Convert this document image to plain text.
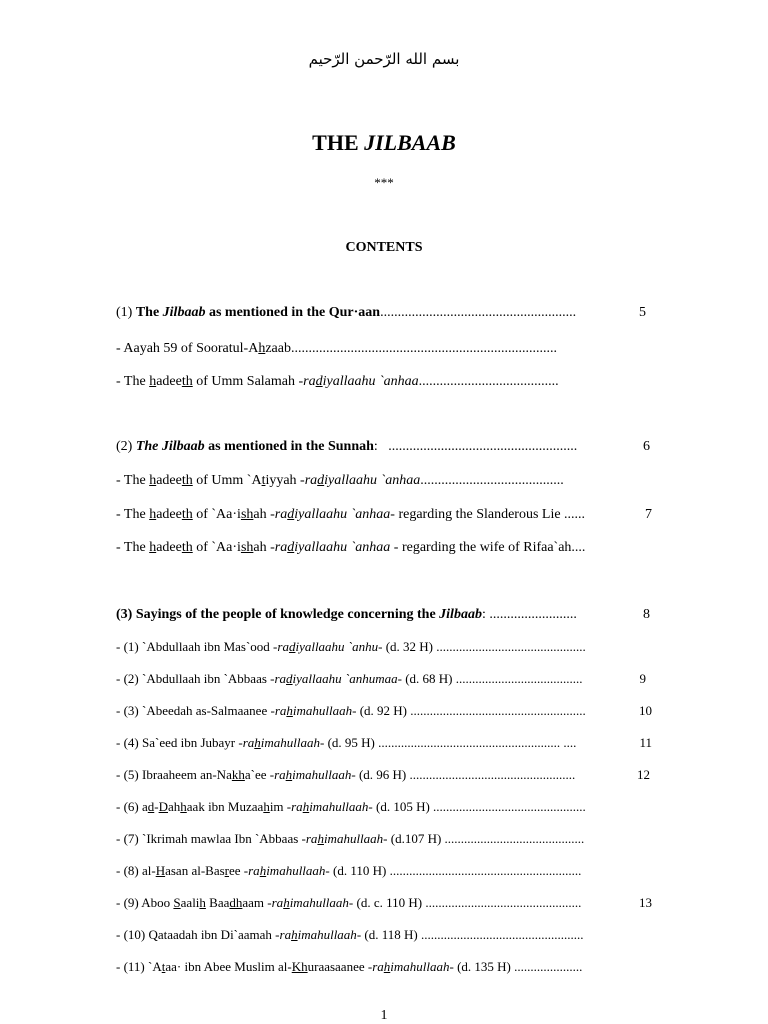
بسم الله الرّحمن الرّحيم
THE JILBAAB
***
CONTENTS
(1) The Jilbaab as mentioned in the Qur·aan........................................................	5
- Aayah 59 of Sooratul-Ahzaab............................................................................
- The hadeeth of Umm Salamah -radiyallaahu `anhaa........................................
(2) The Jilbaab as mentioned in the Sunnah: ......................................................	6
- The hadeeth of Umm `Atiyyah -radiyallaahu `anhaa.........................................
- The hadeeth of `Aa·ishah -radiyallaahu `anhaa- regarding the Slanderous Lie ......	7
- The hadeeth of `Aa·ishah -radiyallaahu `anhaa - regarding the wife of Rifaa`ah....
(3) Sayings of the people of knowledge concerning the Jilbaab: .........................	8
- (1) `Abdullaah ibn Mas`ood -radiyallaahu `anhu- (d. 32 H) ..............................................
- (2) `Abdullaah ibn `Abbaas -radiyallaahu `anhumaa- (d. 68 H) .......................................	9
- (3) `Abeedah as-Salmaanee -rahimahullaah- (d. 92 H) ......................................................	10
- (4) Sa`eed ibn Jubayr -rahimahullaah- (d. 95 H) ........................................................ ....	11
- (5) Ibraaheem an-Nakha`ee -rahimahullaah- (d. 96 H) ...................................................	12
- (6) ad-Dahhaak ibn Muzaahim -rahimahullaah- (d. 105 H) ...............................................
- (7) `Ikrimah mawlaa Ibn `Abbaas -rahimahullaah- (d.107 H) ...........................................
- (8) al-Hasan al-Basree -rahimahullaah- (d. 110 H) ...........................................................
- (9) Aboo Saalih Baadhaam -rahimahullaah- (d. c. 110 H) ................................................	13
- (10) Qataadah ibn Di`aamah -rahimahullaah- (d. 118 H) ..................................................
- (11) `Ataa· ibn Abee Muslim al-Khuraasaanee -rahimahullaah- (d. 135 H) .....................
1
